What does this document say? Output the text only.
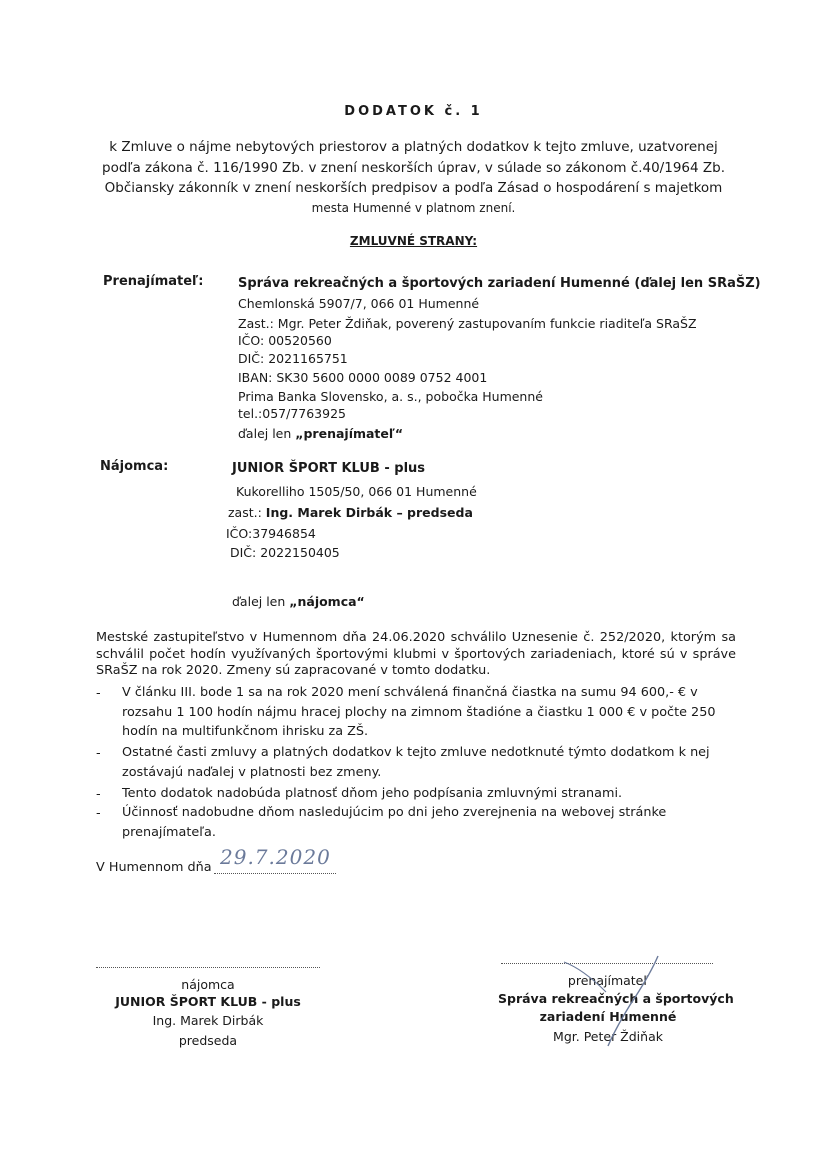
DODATOK č. 1
k Zmluve o nájme nebytových priestorov a platných dodatkov k tejto zmluve, uzatvorenej
podľa zákona č. 116/1990 Zb. v znení neskorších úprav, v súlade so zákonom č.40/1964 Zb.
Občiansky zákonník v znení neskorších predpisov a podľa Zásad o hospodárení s majetkom
mesta Humenné v platnom znení.
ZMLUVNÉ STRANY:
Prenajímateľ:	Správa rekreačných a športových zariadení Humenné (ďalej len SRaŠZ)
Chemlonská 5907/7, 066 01 Humenné
Zast.: Mgr. Peter Ždiňak, poverený zastupovaním funkcie riaditeľa SRaŠZ
IČO: 00520560
DIČ: 2021165751
IBAN: SK30 5600 0000 0089 0752 4001
Prima Banka Slovensko, a. s., pobočka Humenné
tel.:057/7763925
ďalej len „prenajímateľ“
Nájomca:	JUNIOR ŠPORT KLUB - plus
Kukorelliho 1505/50, 066 01 Humenné
zast.: Ing. Marek Dirbák – predseda
IČO:37946854
DIČ: 2022150405
ďalej len „nájomca“
Mestské zastupiteľstvo v Humennom dňa 24.06.2020 schválilo Uznesenie č. 252/2020, ktorým sa schválil počet hodín využívaných športovými klubmi v športových zariadeniach, ktoré sú v správe SRaŠZ na rok 2020. Zmeny sú zapracované v tomto dodatku.
- V článku III. bode 1 sa na rok 2020 mení schválená finančná čiastka na sumu 94 600,- € v rozsahu 1 100 hodín nájmu hracej plochy na zimnom štadióne a čiastku 1 000 € v počte 250 hodín na multifunkčnom ihrisku za ZŠ.
- Ostatné časti zmluvy a platných dodatkov k tejto zmluve nedotknuté týmto dodatkom k nej zostávajú naďalej v platnosti bez zmeny.
- Tento dodatok nadobúda platnosť dňom jeho podpísania zmluvnými stranami.
- Účinnosť nadobudne dňom nasledujúcim po dni jeho zverejnenia na webovej stránke prenajímateľa.
V Humennom dňa 29.7.2020
nájomca
JUNIOR ŠPORT KLUB - plus
Ing. Marek Dirbák
predseda
prenajímateľ
Správa rekreačných a športových
zariadení Humenné
Mgr. Peter Ždiňak
